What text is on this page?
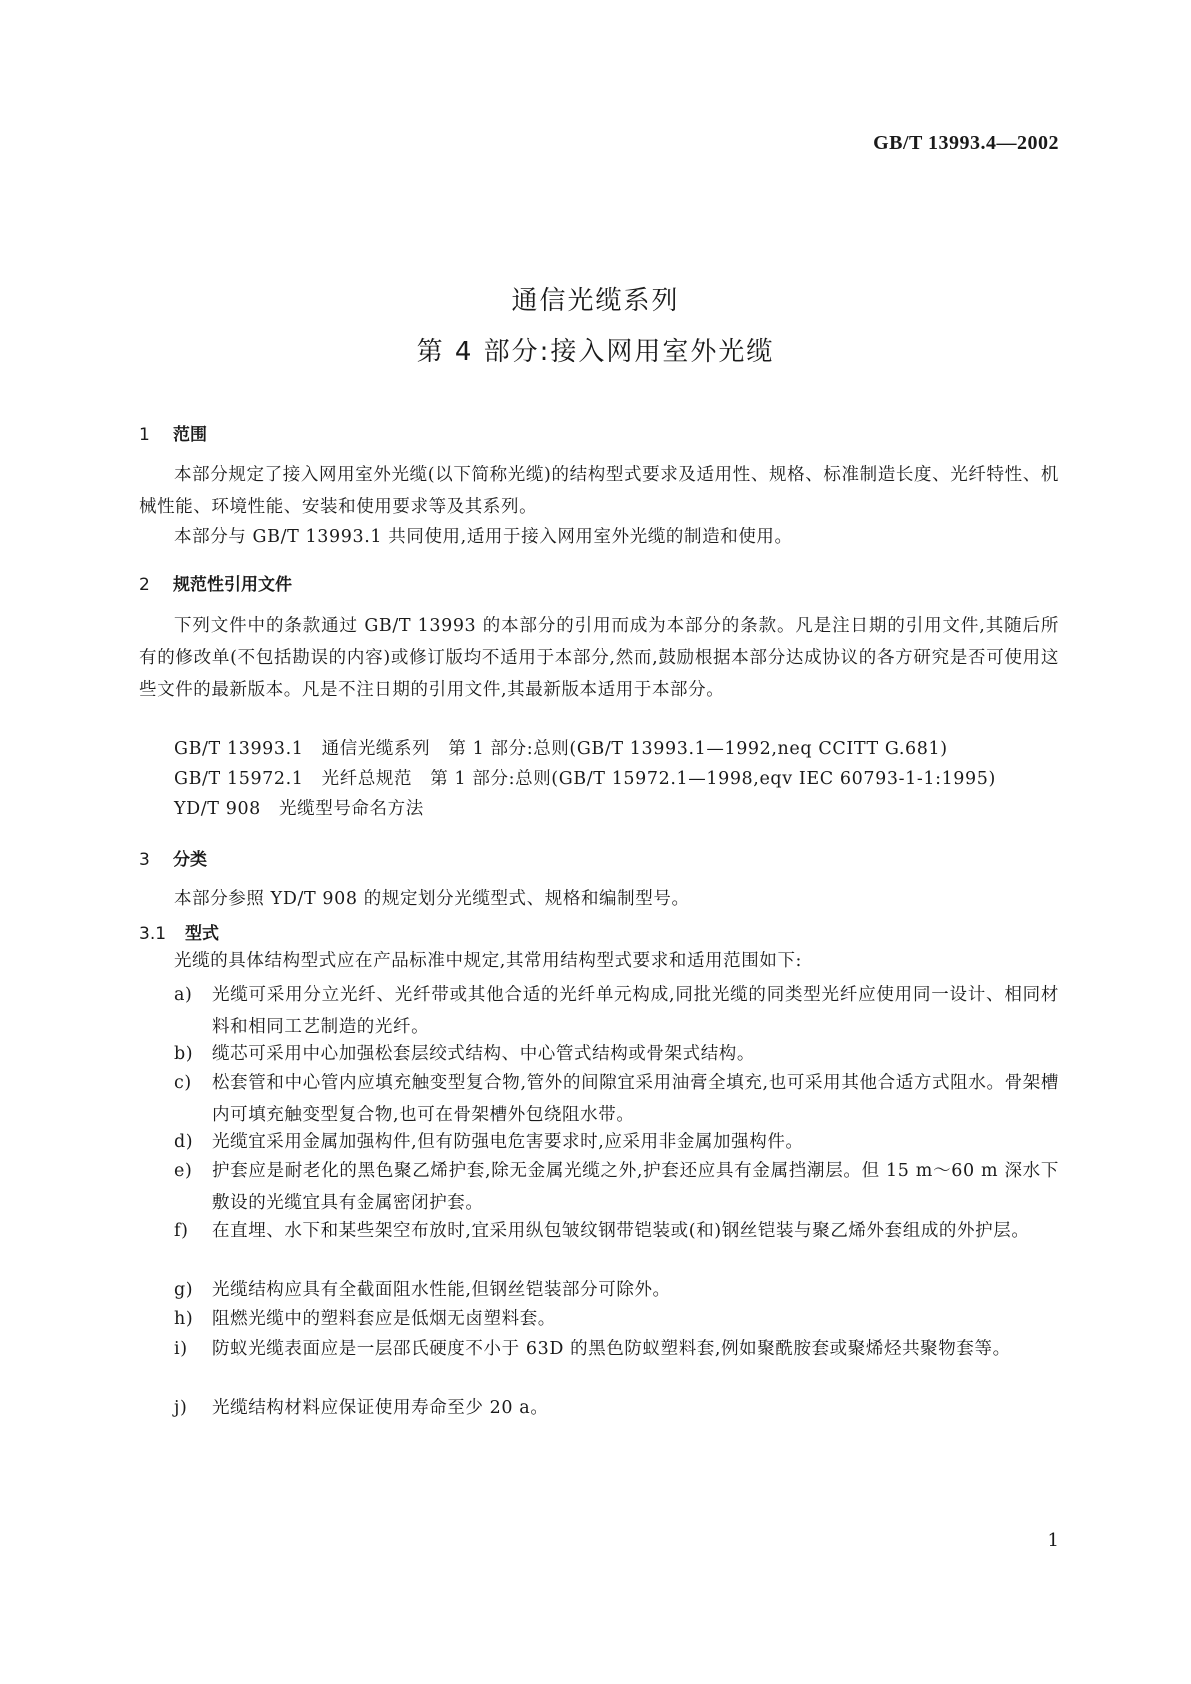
GB/T 13993.4—2002
通信光缆系列
第 4 部分:接入网用室外光缆
1 范围
本部分规定了接入网用室外光缆(以下简称光缆)的结构型式要求及适用性、规格、标准制造长度、光纤特性、机械性能、环境性能、安装和使用要求等及其系列。
本部分与 GB/T 13993.1 共同使用,适用于接入网用室外光缆的制造和使用。
2 规范性引用文件
下列文件中的条款通过 GB/T 13993 的本部分的引用而成为本部分的条款。凡是注日期的引用文件,其随后所有的修改单(不包括勘误的内容)或修订版均不适用于本部分,然而,鼓励根据本部分达成协议的各方研究是否可使用这些文件的最新版本。凡是不注日期的引用文件,其最新版本适用于本部分。
GB/T 13993.1　通信光缆系列　第 1 部分:总则(GB/T 13993.1—1992,neq CCITT G.681)
GB/T 15972.1　光纤总规范　第 1 部分:总则(GB/T 15972.1—1998,eqv IEC 60793-1-1:1995)
YD/T 908　光缆型号命名方法
3 分类
本部分参照 YD/T 908 的规定划分光缆型式、规格和编制型号。
3.1 型式
光缆的具体结构型式应在产品标准中规定,其常用结构型式要求和适用范围如下:
a)	光缆可采用分立光纤、光纤带或其他合适的光纤单元构成,同批光缆的同类型光纤应使用同一设计、相同材料和相同工艺制造的光纤。
b)	缆芯可采用中心加强松套层绞式结构、中心管式结构或骨架式结构。
c)	松套管和中心管内应填充触变型复合物,管外的间隙宜采用油膏全填充,也可采用其他合适方式阻水。骨架槽内可填充触变型复合物,也可在骨架槽外包绕阻水带。
d)	光缆宜采用金属加强构件,但有防强电危害要求时,应采用非金属加强构件。
e)	护套应是耐老化的黑色聚乙烯护套,除无金属光缆之外,护套还应具有金属挡潮层。但 15 m～60 m 深水下敷设的光缆宜具有金属密闭护套。
f)	在直埋、水下和某些架空布放时,宜采用纵包皱纹钢带铠装或(和)钢丝铠装与聚乙烯外套组成的外护层。
g)	光缆结构应具有全截面阻水性能,但钢丝铠装部分可除外。
h)	阻燃光缆中的塑料套应是低烟无卤塑料套。
i)	防蚁光缆表面应是一层邵氏硬度不小于 63D 的黑色防蚁塑料套,例如聚酰胺套或聚烯烃共聚物套等。
j)	光缆结构材料应保证使用寿命至少 20 a。
1
